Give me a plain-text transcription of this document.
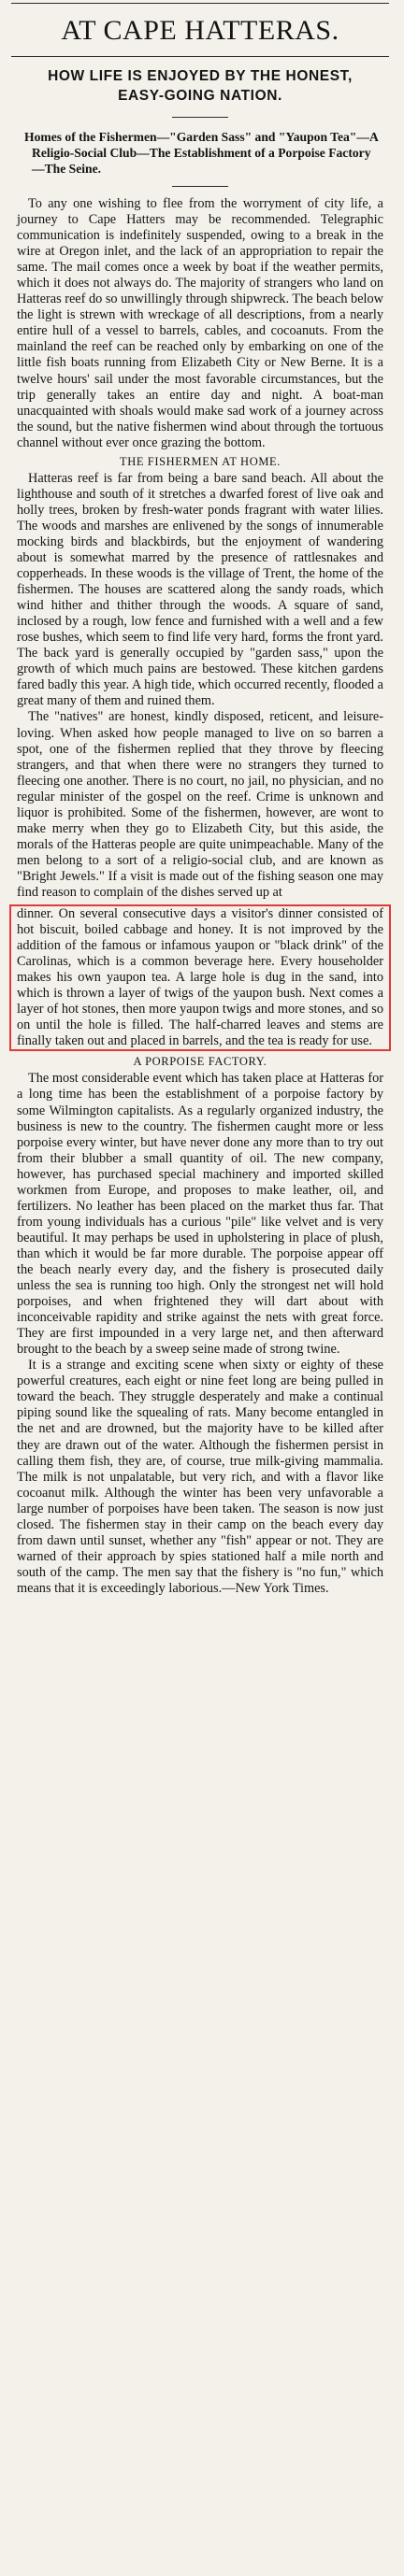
AT CAPE HATTERAS.
HOW LIFE IS ENJOYED BY THE HONEST, EASY-GOING NATION.
Homes of the Fishermen—"Garden Sass" and "Yaupon Tea"—A Religio-Social Club—The Establishment of a Porpoise Factory—The Seine.

To any one wishing to flee from the worryment of city life, a journey to Cape Hatters may be recommended. Telegraphic communication is indefinitely suspended, owing to a break in the wire at Oregon inlet, and the lack of an appropriation to repair the same. The mail comes once a week by boat if the weather permits, which it does not always do. The majority of strangers who land on Hatteras reef do so unwillingly through shipwreck. The beach below the light is strewn with wreckage of all descriptions, from a nearly entire hull of a vessel to barrels, cables, and cocoanuts. From the mainland the reef can be reached only by embarking on one of the little fish boats running from Elizabeth City or New Berne. It is a twelve hours' sail under the most favorable circumstances, but the trip generally takes an entire day and night. A boat-man unacquainted with shoals would make sad work of a journey across the sound, but the native fishermen wind about through the tortuous channel without ever once grazing the bottom.

THE FISHERMEN AT HOME.

Hatteras reef is far from being a bare sand beach. All about the lighthouse and south of it stretches a dwarfed forest of live oak and holly trees, broken by fresh-water ponds fragrant with water lilies. The woods and marshes are enlivened by the songs of innumerable mocking birds and blackbirds, but the enjoyment of wandering about is somewhat marred by the presence of rattlesnakes and copperheads. In these woods is the village of Trent, the home of the fishermen. The houses are scattered along the sandy roads, which wind hither and thither through the woods. A square of sand, inclosed by a rough, low fence and furnished with a well and a few rose bushes, which seem to find life very hard, forms the front yard. The back yard is generally occupied by "garden sass," upon the growth of which much pains are bestowed. These kitchen gardens fared badly this year. A high tide, which occurred recently, flooded a great many of them and ruined them.

The "natives" are honest, kindly disposed, reticent, and leisure-loving. When asked how people managed to live on so barren a spot, one of the fishermen replied that they throve by fleecing strangers, and that when there were no strangers they turned to fleecing one another. There is no court, no jail, no physician, and no regular minister of the gospel on the reef. Crime is unknown and liquor is prohibited. Some of the fishermen, however, are wont to make merry when they go to Elizabeth City, but this aside, the morals of the Hatteras people are quite unimpeachable. Many of the men belong to a sort of a religio-social club, and are known as "Bright Jewels." If a visit is made out of the fishing season one may find reason to complain of the dishes served up at

dinner. On several consecutive days a visitor's dinner consisted of hot biscuit, boiled cabbage and honey. It is not improved by the addition of the famous or infamous yaupon or "black drink" of the Carolinas, which is a common beverage here. Every householder makes his own yaupon tea. A large hole is dug in the sand, into which is thrown a layer of twigs of the yaupon bush. Next comes a layer of hot stones, then more yaupon twigs and more stones, and so on until the hole is filled. The half-charred leaves and stems are finally taken out and placed in barrels, and the tea is ready for use.

A PORPOISE FACTORY.

The most considerable event which has taken place at Hatteras for a long time has been the establishment of a porpoise factory by some Wilmington capitalists. As a regularly organized industry, the business is new to the country. The fishermen caught more or less porpoise every winter, but have never done any more than to try out from their blubber a small quantity of oil. The new company, however, has purchased special machinery and imported skilled workmen from Europe, and proposes to make leather, oil, and fertilizers. No leather has been placed on the market thus far. That from young individuals has a curious "pile" like velvet and is very beautiful. It may perhaps be used in upholstering in place of plush, than which it would be far more durable. The porpoise appear off the beach nearly every day, and the fishery is prosecuted daily unless the sea is running too high. Only the strongest net will hold porpoises, and when frightened they will dart about with inconceivable rapidity and strike against the nets with great force. They are first impounded in a very large net, and then afterward brought to the beach by a sweep seine made of strong twine.

It is a strange and exciting scene when sixty or eighty of these powerful creatures, each eight or nine feet long are being pulled in toward the beach. They struggle desperately and make a continual piping sound like the squealing of rats. Many become entangled in the net and are drowned, but the majority have to be killed after they are drawn out of the water. Although the fishermen persist in calling them fish, they are, of course, true milk-giving mammalia. The milk is not unpalatable, but very rich, and with a flavor like cocoanut milk. Although the winter has been very unfavorable a large number of porpoises have been taken. The season is now just closed. The fishermen stay in their camp on the beach every day from dawn until sunset, whether any "fish" appear or not. They are warned of their approach by spies stationed half a mile north and south of the camp. The men say that the fishery is "no fun," which means that it is exceedingly laborious.—New York Times.
